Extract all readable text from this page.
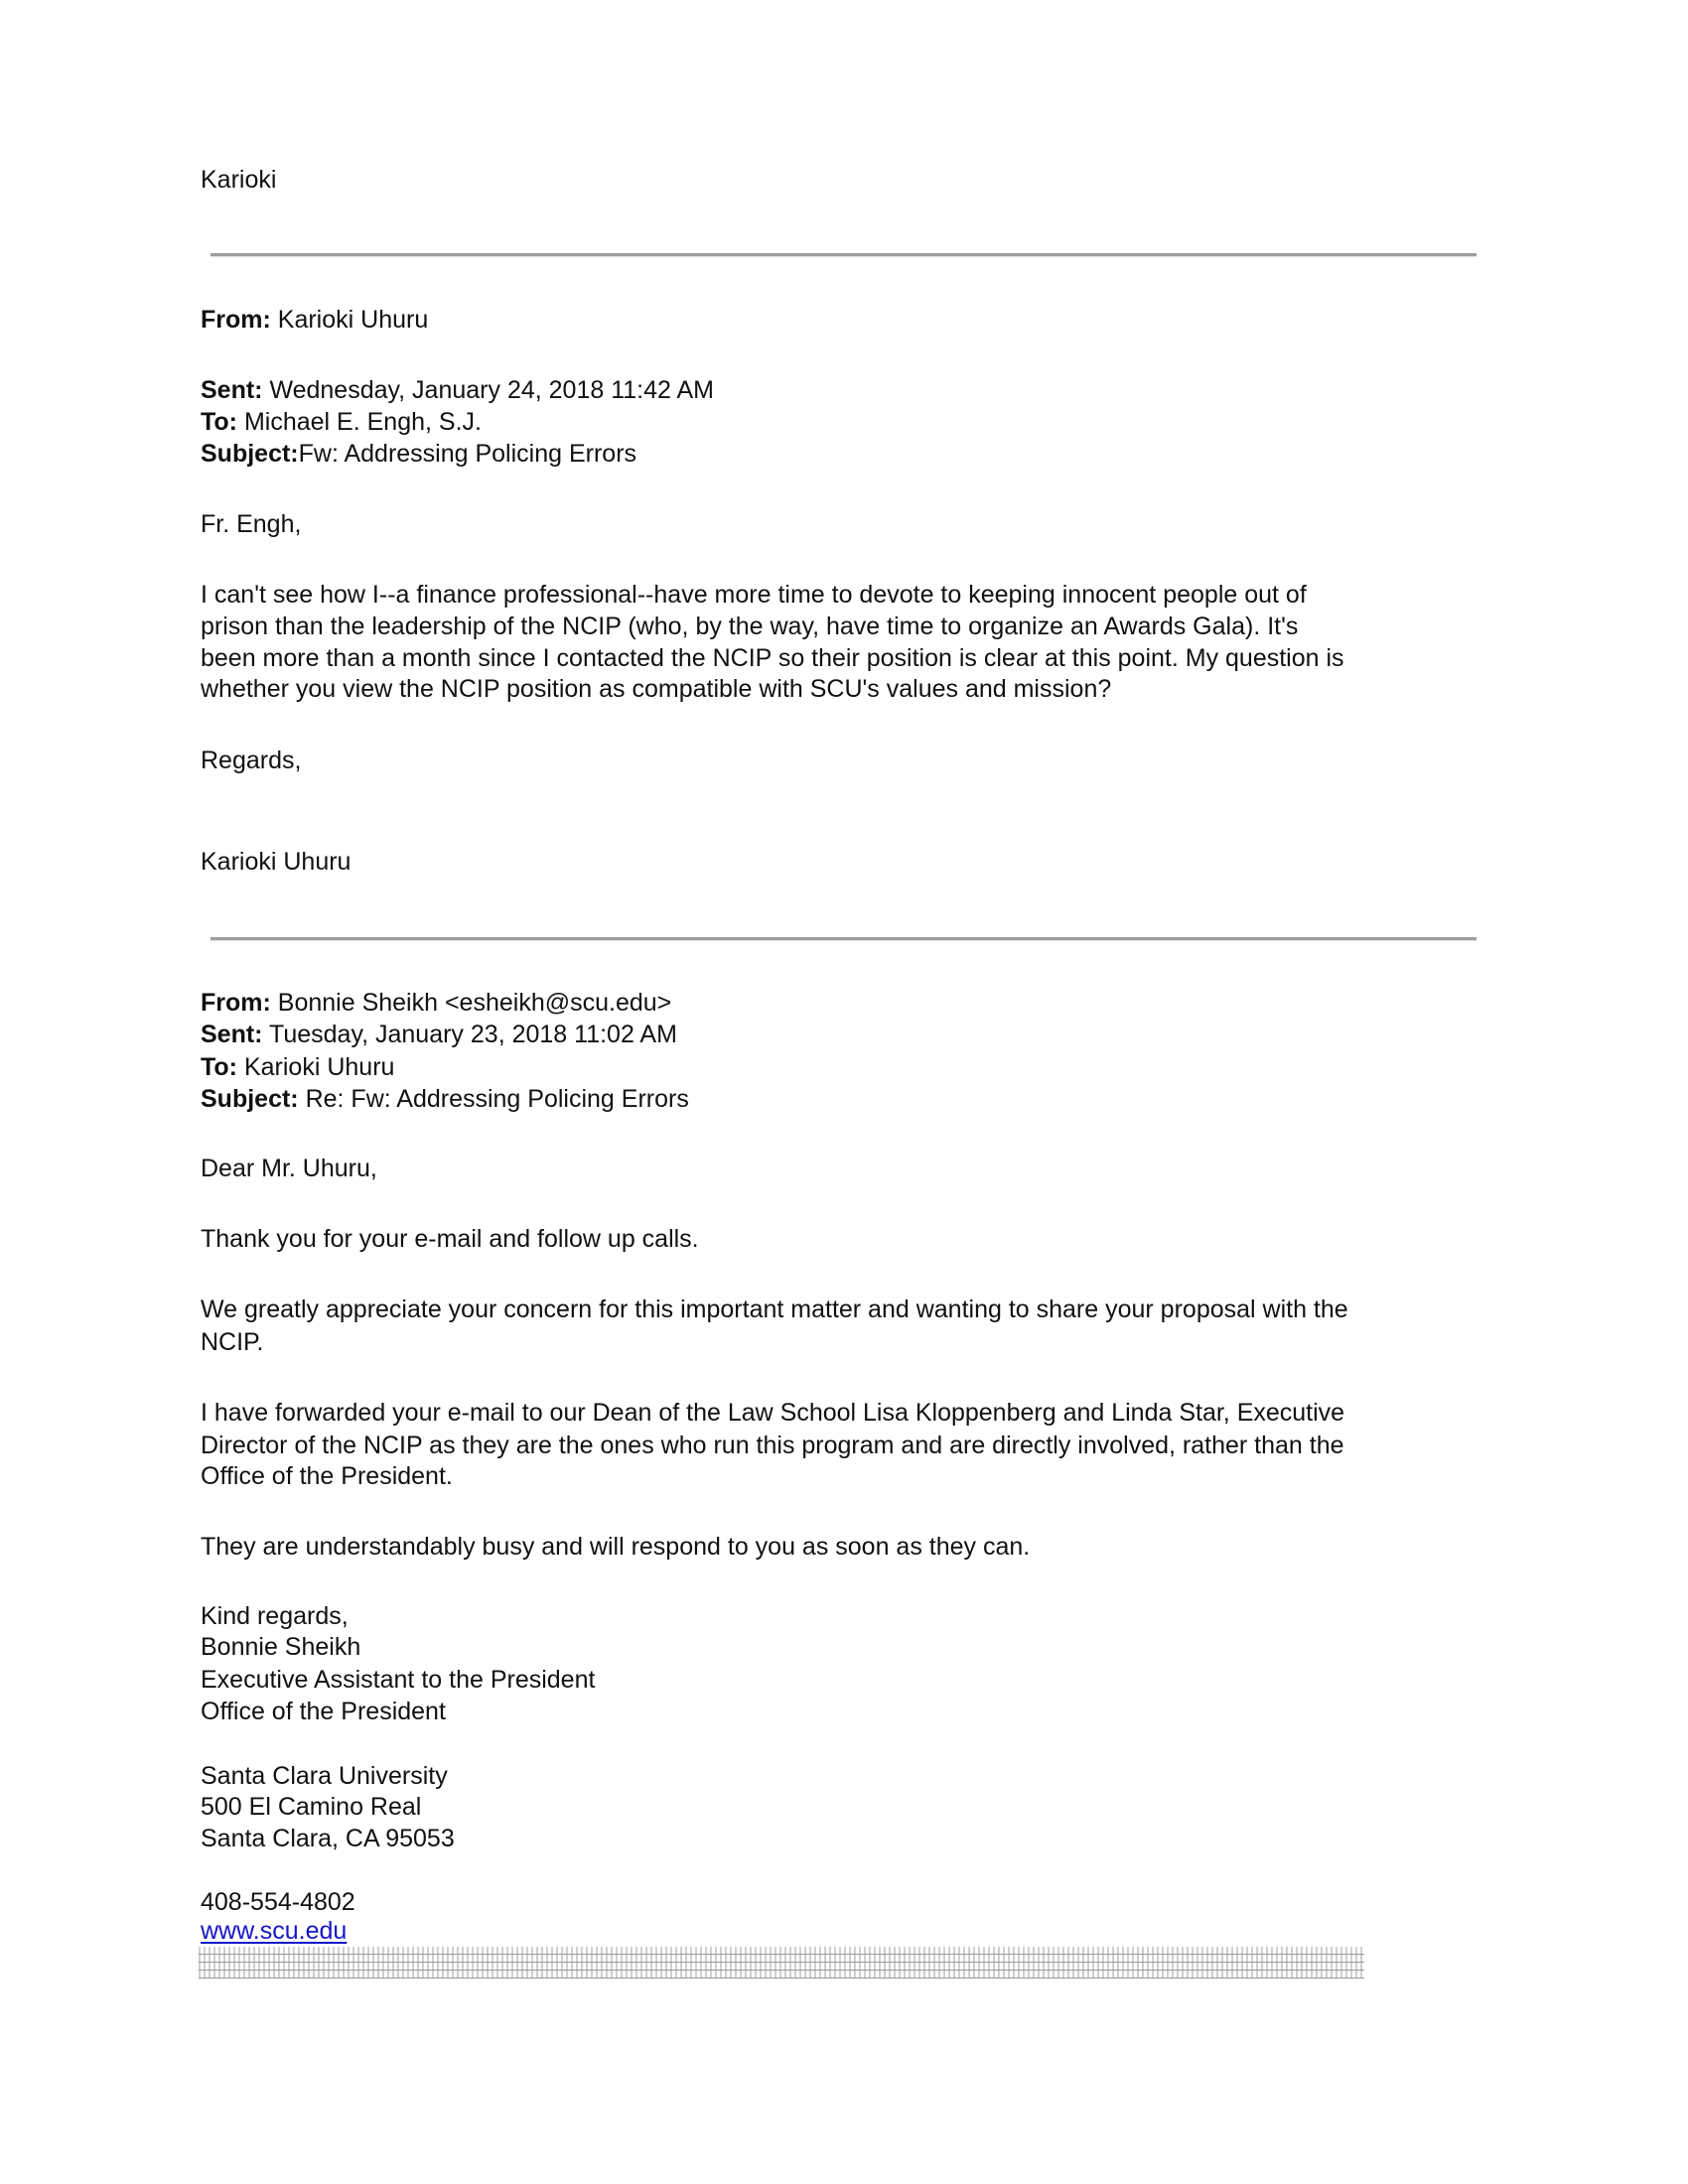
Karioki
From: Karioki Uhuru
Sent: Wednesday, January 24, 2018 11:42 AM
To: Michael E. Engh, S.J.
Subject:Fw: Addressing Policing Errors
Fr. Engh,
I can't see how I--a finance professional--have more time to devote to keeping innocent people out of
prison than the leadership of the NCIP (who, by the way, have time to organize an Awards Gala). It's
been more than a month since I contacted the NCIP so their position is clear at this point. My question is
whether you view the NCIP position as compatible with SCU's values and mission?
Regards,
Karioki Uhuru
From: Bonnie Sheikh <esheikh@scu.edu>
Sent: Tuesday, January 23, 2018 11:02 AM
To: Karioki Uhuru
Subject: Re: Fw: Addressing Policing Errors
Dear Mr. Uhuru,
Thank you for your e-mail and follow up calls.
We greatly appreciate your concern for this important matter and wanting to share your proposal with the
NCIP.
I have forwarded your e-mail to our Dean of the Law School Lisa Kloppenberg and Linda Star, Executive
Director of the NCIP as they are the ones who run this program and are directly involved, rather than the
Office of the President.
They are understandably busy and will respond to you as soon as they can.
Kind regards,
Bonnie Sheikh
Executive Assistant to the President
Office of the President
Santa Clara University
500 El Camino Real
Santa Clara, CA 95053
408-554-4802
www.scu.edu
